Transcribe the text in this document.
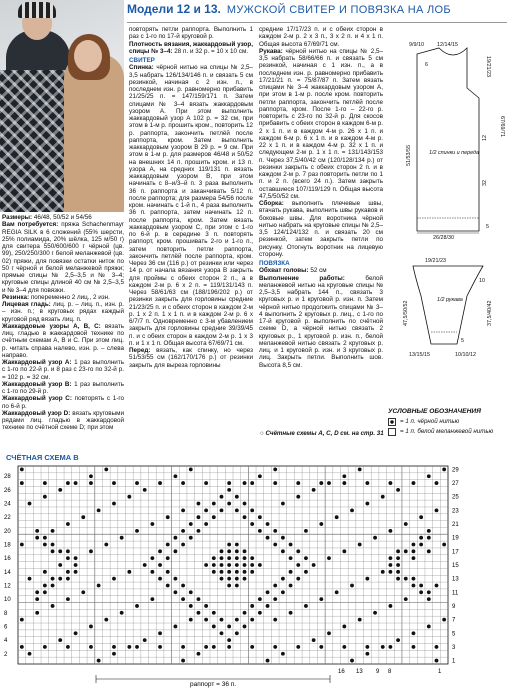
Модели 12 и 13. МУЖСКОЙ СВИТЕР И ПОВЯЗКА НА ЛОБ

Размеры: 46/48, 50/52 и 54/56

Вам потребуется: пряжа Schachenmayr REGIA SILK в 6 сложений (55% шерсти, 25% полиамида, 20% шёлка, 125 м/50 г) для свитера 550/600/600 г чёрной (цв. 99), 250/250/300 г белой меланжевой (цв. 02) пряжи, для повязки остатки ниток по 50 г чёрной и белой меланжевой пряжи; прямые спицы № 2,5–3,5 и № 3–4; круговые спицы длиной 40 см № 2,5–3,5 и № 3–4 для повязки.

Резинка: попеременно 2 лиц., 2 изн.

Лицевая гладь: лиц. р. – лиц. п., изн. р. – изн. п.; в круговых рядах каждый круговой ряд вязать лиц. п.

Жаккардовые узоры А, В, С: вязать лиц. гладью в жаккардовой технике по счётным схемам А, В и С. При этом лиц. р. читать справа налево, изн. р. – слева направо.

Жаккардовый узор А: 1 раз выполнить с 1-го по 22-й р. и 8 раз с 23-го по 32-й р. = 102 р. = 32 см.

Жаккардовый узор В: 1 раз выполнить с 1-го по 29-й р.

Жаккардовый узор С: повторять с 1-го по 6-й р.

Жаккардовый узор D: вязать круговыми рядами лиц. гладью в жаккардовой технике по счётной схеме D; при этом

повторять петли раппорта. Выполнить 1 раз с 1-го по 17-й круговой р.

Плотность вязания, жаккардовый узор, спицы № 3–4: 28 п. и 32 р. = 10 x 10 см.

СВИТЕР

Спинка: чёрной нитью на спицы № 2,5–3,5 набрать 126/134/146 п. и связать 5 см резинкой, начиная с 2 изн. п., в последнем изн. р. равномерно прибавить 21/25/25 п. = 147/159/171 п. Затем спицами № 3–4 вязать жаккардовым узором А. При этом выполнить жаккардовый узор А 102 р. = 32 см, при этом в 1-м р. прошить кром., повторить 12 р. раппорта, закончить петлёй после раппорта, кром. Затем выполнить жаккардовым узором В 29 р. = 9 см. При этом в 1-м р. для размеров 46/48 и 50/52 на внешних 14 п. прошить кром. и 13 п. узора А, на средних 119/131 п. вязать жаккардовым узором В, при этом начинать с 8–и/3–й п. 3 раза выполнить 36 п. раппорта и заканчивать 5/12 п. после раппорта; для размера 54/56 после кром. начинать с 1-й п., 4 раза выполнить 36 п. раппорта, затем начинать 12 п. после раппорта, кром. Затем вязать жаккардовым узором С, при этом с 1-го по 6-й р. в середине 3 п. повторять раппорт, кром. прошивать 2-го и 1-го п., затем повторить петли раппорта, закончить петлёй после раппорта, кром. Через 36 см (116 р.) от резинки или через 14 р. от начала вязания узора В закрыть для проймы с обеих сторон 2 п., а в каждом 2-м р. 6 x 2 п. = 119/131/143 п. Через 58/61/63 см (188/196/202 р.) от резинки закрыть для горловины средние 21/23/25 п. и с обеих сторон в каждом 2-м р. 1 x 2 п. 1 x 1 п. и в каждом 2-м р. 6 x 6/7/7 п. Одновременно с 3-м убавлением закрыть для горловины средние 39/39/45 п. и с обеих сторон в каждом 2-м р. 1 x 3 п. и 1 x 1 п. Общая высота 67/69/71 см.

Перед: вязать, как спинку, но через 51/53/55 см (162/170/176 р.) от резинки закрыть для выреза горловины

средние 17/17/23 п. и с обеих сторон в каждом 2-м р. 2 x 3 п., 3 x 2 п. и 4 x 1 п. Общая высота 67/69/71 см.

Рукава: чёрной нитью на спицы № 2,5–3,5 набрать 58/66/66 п. и связать 5 см резинкой, начиная с 1 изн. п., а в последнем изн. р. равномерно прибавить 17/21/21 п. = 75/87/87 п. Затем вязать спицами № 3–4 жаккардовым узором А, при этом в 1-м р. после кром. повторить петли раппорта, закончить петлёй после раппорта, кром. После 1-го – 22-го р. повторить с 23-го по 32-й р. Для скосов прибавить с обеих сторон в каждом 6-м р. 2 x 1 п. и в каждом 4-м р. 26 x 1 п. и каждом 6-м р. 6 x 1 п. и в каждом 4-м р. 22 x 1 п. и в каждом 4-м р. 32 x 1 п. и следующем 2-м р. 1 x 1 п. = 131/143/153 п. Через 37,5/40/42 см (120/128/134 р.) от резинки закрыть с обеих сторон 2 п. и в каждом 2-м р. 7 раз повторить петли по 1 п. и 2 п. (всего 24 п.). Затем закрыть оставшиеся 107/119/129 п. Общая высота 47,5/50/52 см.

Сборка: выполнить плечевые швы, втачать рукава, выполнить швы рукавов и боковые швы. Для воротника чёрной нитью набрать на круговые спицы № 2,5–3,5 124/124/132 п. и связать 20 см резинкой, затем закрыть петли по рисунку. Отогнуть воротник на лицевую сторону.

ПОВЯЗКА

Обхват головы: 52 см

Выполнение работы:	белой меланжевой нитью на круговые спицы № 2,5–3,5 набрать 144 п., связать 3 круговых р. и 1 круговой р. изн. п. Затем чёрной нитью продолжить спицами № 3–4 выполнить 2 круговых р. лиц., с 1-го по 17-й круговой р. выполнить по счётной схеме D, а чёрной нитью связать 2 круговых р., 1 круговой р. изн. п., белой меланжевой нитью связать 2 круговых р. лиц. и 1 круговой р. изн. и 3 круговых р. лиц. Закрыть петли. Выполнить шов. Высота 8,5 см.

○ Счётные схемы А, С, D см. на стр. 31
9/9/10 12/14/15
19/21/23
51/53/55
67/69/71
12
32
5
6
1/2 спинки и переда
26/28/30
19/21/23
1/2 рукава
47,5/50/52	37,5/40/42
10
13/15/15	10/10/12
5
УСЛОВНЫЕ ОБОЗНАЧЕНИЯ
= 1 п. чёрной нитью
= 1 п. белой меланжевой нитью
СЧЁТНАЯ СХЕМА В
1
3
5
7
9
11
13
15
17
19
21
23
25
27
29
2
4
6
8
10
12
14
16
18
20
22
24
26
28
16 13 9 8	1
раппорт = 36 п.
